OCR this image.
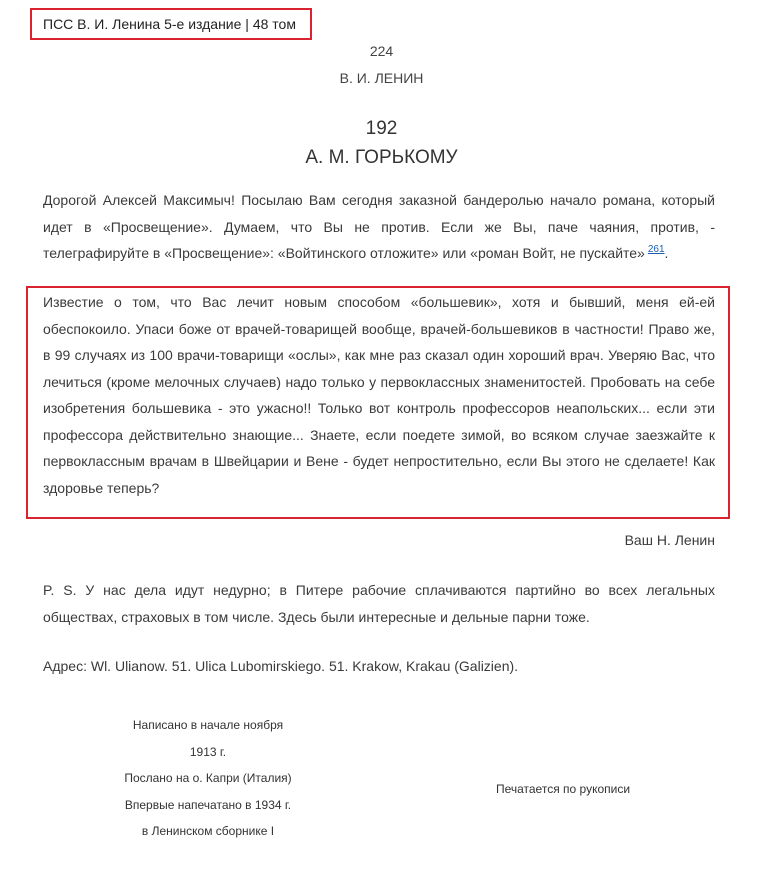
ПСС В. И. Ленина 5-е издание | 48 том
224
В. И. ЛЕНИН
192
А. М. ГОРЬКОМУ

Дорогой Алексей Максимыч! Посылаю Вам сегодня заказной бандеролью начало романа, который идет в «Просвещение». Думаем, что Вы не против. Если же Вы, паче чаяния, против, - телеграфируйте в «Просвещение»: «Войтинского отложите» или «роман Войт, не пускайте» $^{261}$.

Известие о том, что Вас лечит новым способом «большевик», хотя и бывший, меня ей-ей обеспокоило. Упаси боже от врачей-товарищей вообще, врачей-большевиков в частности! Право же, в 99 случаях из 100 врачи-товарищи «ослы», как мне раз сказал один хороший врач. Уверяю Вас, что лечиться (кроме мелочных случаев) надо только у первоклассных знаменитостей. Пробовать на себе изобретения большевика - это ужасно!! Только вот контроль профессоров неапольских... если эти профессора действительно знающие... Знаете, если поедете зимой, во всяком случае заезжайте к первоклассным врачам в Швейцарии и Вене - будет непростительно, если Вы этого не сделаете! Как здоровье теперь?

Ваш Н. Ленин

P. S. У нас дела идут недурно; в Питере рабочие сплачиваются партийно во всех легальных обществах, страховых в том числе. Здесь были интересные и дельные парни тоже.

Адрес: Wl. Ulianow. 51. Ulica Lubomirskiego. 51. Krakow, Krakau (Galizien).

Написано в начале ноября
1913 г.
Послано на о. Капри (Италия)
Впервые напечатано в 1934 г.
в Ленинском сборнике I
Печатается по рукописи
